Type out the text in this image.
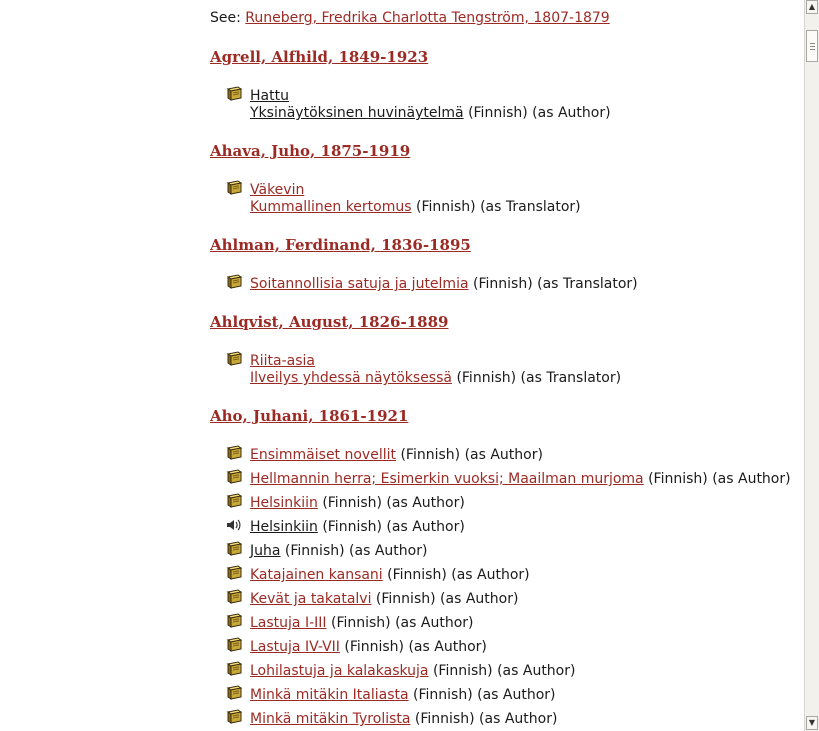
See: Runeberg, Fredrika Charlotta Tengström, 1807-1879
Agrell, Alfhild, 1849-1923
Hattu
Yksinäytöksinen huvinäytelmä (Finnish) (as Author)
Ahava, Juho, 1875-1919
Väkevin
Kummallinen kertomus (Finnish) (as Translator)
Ahlman, Ferdinand, 1836-1895
Soitannollisia satuja ja jutelmia (Finnish) (as Translator)
Ahlqvist, August, 1826-1889
Riita-asia
Ilveilys yhdessä näytöksessä (Finnish) (as Translator)
Aho, Juhani, 1861-1921
Ensimmäiset novellit (Finnish) (as Author)
Hellmannin herra; Esimerkin vuoksi; Maailman murjoma (Finnish) (as Author)
Helsinkiin (Finnish) (as Author)
Helsinkiin (Finnish) (as Author)
Juha (Finnish) (as Author)
Katajainen kansani (Finnish) (as Author)
Kevät ja takatalvi (Finnish) (as Author)
Lastuja I-III (Finnish) (as Author)
Lastuja IV-VII (Finnish) (as Author)
Lohilastuja ja kalakaskuja (Finnish) (as Author)
Minkä mitäkin Italiasta (Finnish) (as Author)
Minkä mitäkin Tyrolista (Finnish) (as Author)
▲
▼
